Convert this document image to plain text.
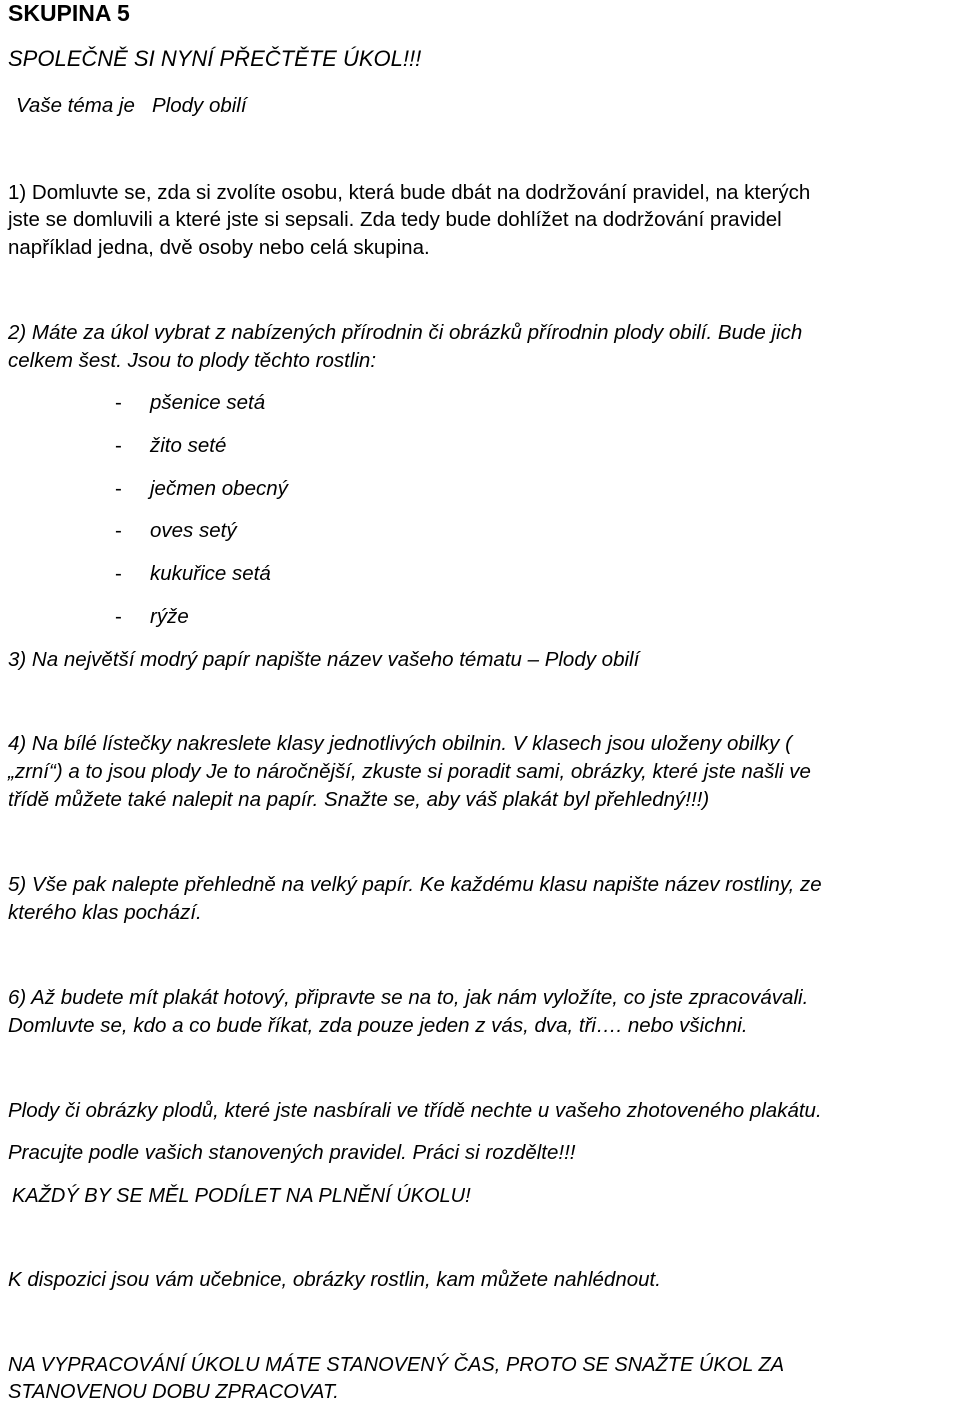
SKUPINA 5
SPOLEČNĚ SI NYNÍ PŘEČTĚTE ÚKOL!!!
Vaše téma je   Plody obilí
1) Domluvte se, zda si zvolíte osobu, která bude dbát na dodržování pravidel, na kterých
jste se domluvili a které jste si sepsali. Zda tedy bude dohlížet na dodržování pravidel
například jedna, dvě osoby nebo celá skupina.
2) Máte za úkol vybrat z nabízených přírodnin či obrázků přírodnin plody obilí. Bude jich
celkem šest. Jsou to plody těchto rostlin:
- pšenice setá
- žito seté
- ječmen obecný
- oves setý
- kukuřice setá
- rýže
3) Na největší modrý papír napište název vašeho tématu – Plody obilí
4) Na bílé lístečky nakreslete klasy jednotlivých obilnin. V klasech jsou uloženy obilky (
„zrní“) a to jsou plody Je to náročnější, zkuste si poradit sami, obrázky, které jste našli ve
třídě můžete také nalepit na papír. Snažte se, aby váš plakát byl přehledný!!!)
5) Vše pak nalepte přehledně na velký papír. Ke každému klasu napište název rostliny, ze
kterého klas pochází.
6) Až budete mít plakát hotový, připravte se na to, jak nám vyložíte, co jste zpracovávali.
Domluvte se, kdo a co bude říkat, zda pouze jeden z vás, dva, tři…. nebo všichni.
Plody či obrázky plodů, které jste nasbírali ve třídě nechte u vašeho zhotoveného plakátu.
Pracujte podle vašich stanovených pravidel. Práci si rozdělte!!!
KAŽDÝ BY SE MĚL PODÍLET NA PLNĚNÍ ÚKOLU!
K dispozici jsou vám učebnice, obrázky rostlin, kam můžete nahlédnout.
NA VYPRACOVÁNÍ ÚKOLU MÁTE STANOVENÝ ČAS, PROTO SE SNAŽTE ÚKOL ZA
STANOVENOU DOBU ZPRACOVAT.
